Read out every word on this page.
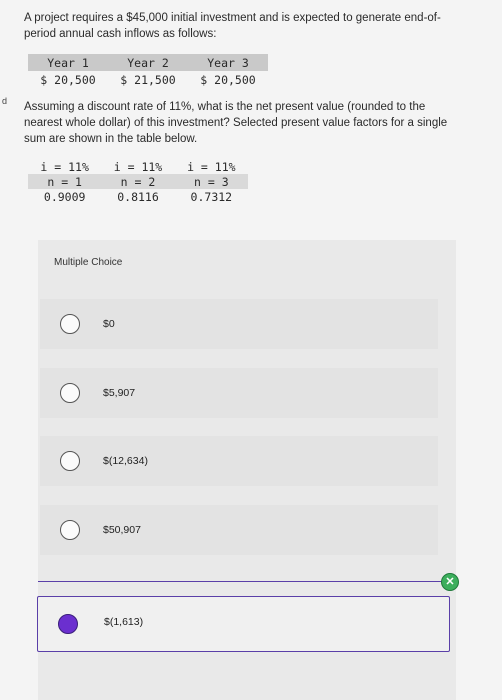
A project requires a $45,000 initial investment and is expected to generate end-of-
period annual cash inflows as follows:
Year 1	Year 2	Year 3
$ 20,500	$ 21,500	$ 20,500
d Assuming a discount rate of 11%, what is the net present value (rounded to the
nearest whole dollar) of this investment? Selected present value factors for a single
sum are shown in the table below.
i = 11%	i = 11%	i = 11%
n = 1	n = 2	n = 3
0.9009	0.8116	0.7312
Multiple Choice
$0
$5,907
$(12,634)
$50,907
✕
$(1,613)
